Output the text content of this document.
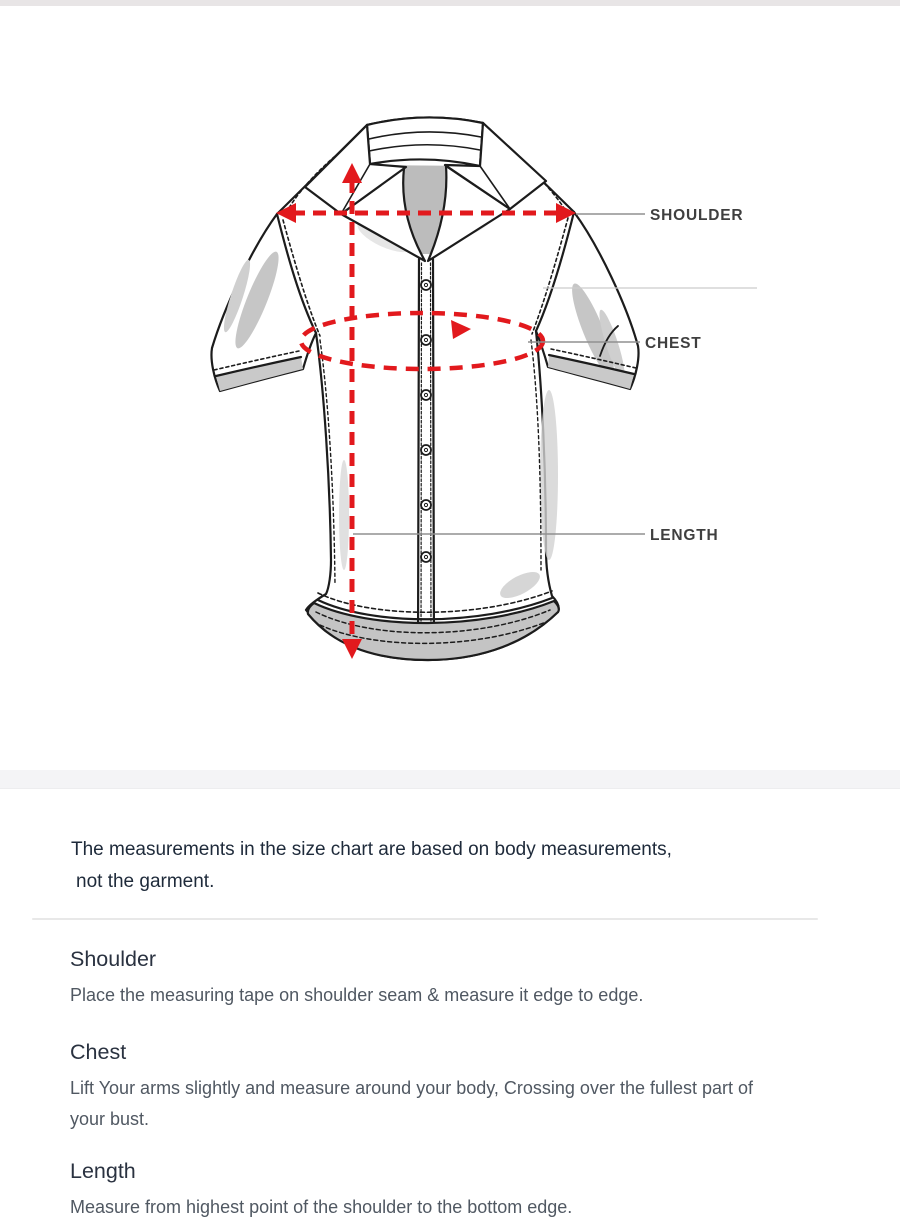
SHOULDER
CHEST
LENGTH
The measurements in the size chart are based on body measurements,
not the garment.
Shoulder

Place the measuring tape on shoulder seam & measure it edge to edge.

Chest

Lift Your arms slightly and measure around your body, Crossing over the fullest part of your bust.

Length

Measure from highest point of the shoulder to the bottom edge.
